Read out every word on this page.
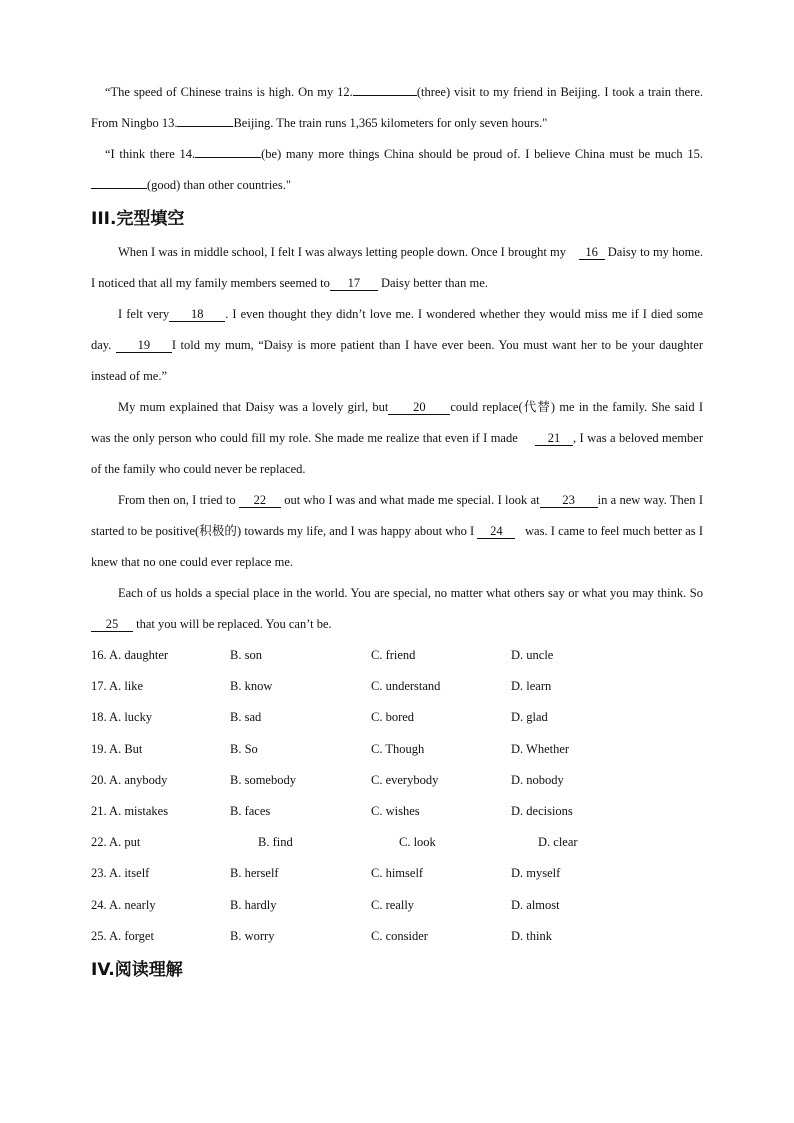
“The speed of Chinese trains is high. On my 12.	(three) visit to my friend in Beijing. I took a train there. From Ningbo 13.	Beijing. The train runs 1,365 kilometers for only seven hours."

“I think there 14.	(be) many more things China should be proud of. I believe China must be much 15.(good) than other countries."

III.完型填空

When I was in middle school, I felt I was always letting people down. Once I brought my 16 Daisy to my home. I noticed that all my family members seemed to 17 Daisy better than me.

I felt very 18 . I even thought they didn’t love me. I wondered whether they would miss me if I died some day. 19 I told my mum, “Daisy is more patient than I have ever been. You must want her to be your daughter instead of me.”

My mum explained that Daisy was a lovely girl, but 20 could replace(代替) me in the family. She said I was the only person who could fill my role. She made me realize that even if I made 21 , I was a beloved member of the family who could never be replaced.

From then on, I tried to 22 out who I was and what made me special. I look at 23 in a new way. Then I started to be positive(积极的) towards my life, and I was happy about who I 24 was. I came to feel much better as I knew that no one could ever replace me.

Each of us holds a special place in the world. You are special, no matter what others say or what you may think. So 25 that you will be replaced. You can’t be.

16. A. daughter	B. son	C. friend	D. uncle
17. A. like	B. know	C. understand	D. learn
18. A. lucky	B. sad	C. bored	D. glad
19. A. But	B. So	C. Though	D. Whether
20. A. anybody	B. somebody	C. everybody	D. nobody
21. A. mistakes	B. faces	C. wishes	D. decisions
22. A. put	B. find	C. look	D. clear
23. A. itself	B. herself	C. himself	D. myself
24. A. nearly	B. hardly	C. really	D. almost
25. A. forget	B. worry	C. consider	D. think
IV.阅读理解
